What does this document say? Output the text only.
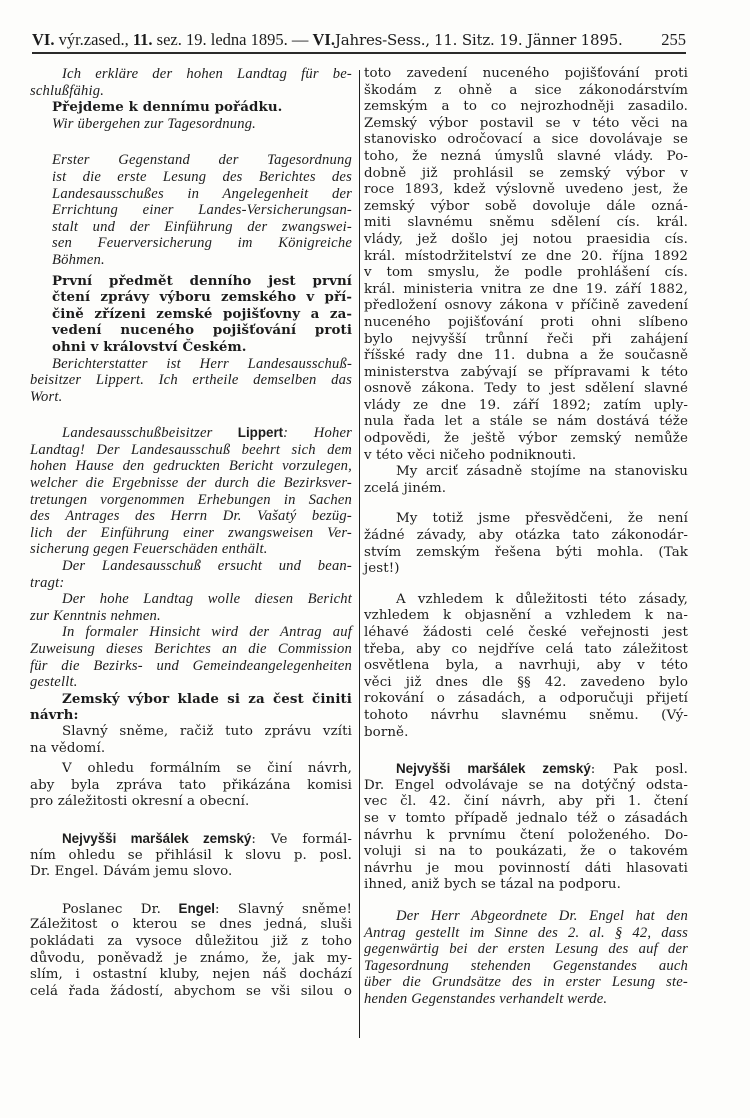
VI. výr.zased., 11. sez. 19. ledna 1895. — VI.Jahres-Sess., 11. Sitz. 19. Jänner 1895. 255
Ich erkläre der hohen Landtag für be-
schlußfähig.
Přejdeme k dennímu pořádku.
Wir übergehen zur Tagesordnung.
Erster Gegenstand der Tagesordnung
ist die erste Lesung des Berichtes des
Landesausschußes in Angelegenheit der
Errichtung einer Landes-Versicherungsan-
stalt und der Einführung der zwangswei-
sen Feuerversicherung im Königreiche
Böhmen.
První předmět denního jest první
čtení zprávy výboru zemského v pří-
čině zřízeni zemské pojišťovny a za-
vedení nuceného pojišťování proti
ohni v království Českém.
Berichterstatter ist Herr Landesausschuß-
beisitzer Lippert. Ich ertheile demselben das
Wort.
Landesausschußbeisitzer Lippert: Hoher
Landtag! Der Landesausschuß beehrt sich dem
hohen Hause den gedruckten Bericht vorzulegen,
welcher die Ergebnisse der durch die Bezirksver-
tretungen vorgenommen Erhebungen in Sachen
des Antrages des Herrn Dr. Vašatý bezüg-
lich der Einführung einer zwangsweisen Ver-
sicherung gegen Feuerschäden enthält.
Der Landesausschuß ersucht und bean-
tragt:
Der hohe Landtag wolle diesen Bericht
zur Kenntnis nehmen.
In formaler Hinsicht wird der Antrag auf
Zuweisung dieses Berichtes an die Commission
für die Bezirks- und Gemeindeangelegenheiten
gestellt.
Zemský výbor klade si za čest činiti
návrh:
Slavný sněme, račiž tuto zprávu vzíti
na vědomí.
V ohledu formálním se činí návrh,
aby byla zpráva tato přikázána komisi
pro záležitosti okresní a obecní.
Nejvyšši maršálek zemský: Ve formál-
ním ohledu se přihlásil k slovu p. posl.
Dr. Engel. Dávám jemu slovo.
Poslanec Dr. Engel: Slavný sněme!
Záležitost o kterou se dnes jedná, sluši
pokládati za vysoce důležitou již z toho
důvodu, poněvadž je známo, že, jak my-
slím, i ostastní kluby, nejen náš dochází
celá řada žádostí, abychom se vši silou o
toto zavedení nuceného pojišťování proti
škodám z ohně a sice zákonodárstvím
zemským a to co nejrozhodněji zasadilo.
Zemský výbor postavil se v této věci na
stanovisko odročovací a sice dovolávaje se
toho, že nezná úmyslů slavné vlády. Po-
dobně již prohlásil se zemský výbor v
roce 1893, kdež výslovně uvedeno jest, že
zemský výbor sobě dovoluje dále ozná-
miti slavnému sněmu sdělení cís. král.
vlády, jež došlo jej notou praesidia cís.
král. místodržitelství ze dne 20. října 1892
v tom smyslu, že podle prohlášení cís.
král. ministeria vnitra ze dne 19. září 1882,
předložení osnovy zákona v příčině zavedení
nuceného pojišťování proti ohni slíbeno
bylo nejvyšší trůnní řeči při zahájení
říšské rady dne 11. dubna a že současně
ministerstva zabývají se přípravami k této
osnově zákona. Tedy to jest sdělení slavné
vlády ze dne 19. září 1892; zatím uply-
nula řada let a stále se nám dostává téže
odpovědi, že ještě výbor zemský nemůže
v této věci ničeho podniknouti.
My arciť zásadně stojíme na stanovisku
zcelá jiném.
My totiž jsme přesvědčeni, že není
žádné závady, aby otázka tato zákonodár-
stvím zemským řešena býti mohla. (Tak
jest!)
A vzhledem k důležitosti této zásady,
vzhledem k objasnění a vzhledem k na-
léhavé žádosti celé české veřejnosti jest
třeba, aby co nejdříve celá tato záležitost
osvětlena byla, a navrhuji, aby v této
věci již dnes dle §§ 42. zavedeno bylo
rokování o zásadách, a odporučuji přijetí
tohoto návrhu slavnému sněmu. (Vý-
borně.
Nejvyšši maršálek zemský: Pak posl.
Dr. Engel odvolávaje se na dotýčný odsta-
vec čl. 42. činí návrh, aby při 1. čtení
se v tomto případě jednalo též o zásadách
návrhu k prvnímu čtení položeného. Do-
voluji si na to poukázati, že o takovém
návrhu je mou povinností dáti hlasovati
ihned, aniž bych se tázal na podporu.
Der Herr Abgeordnete Dr. Engel hat den
Antrag gestellt im Sinne des 2. al. § 42, dass
gegenwärtig bei der ersten Lesung des auf der
Tagesordnung stehenden Gegenstandes auch
über die Grundsätze des in erster Lesung ste-
henden Gegenstandes verhandelt werde.
